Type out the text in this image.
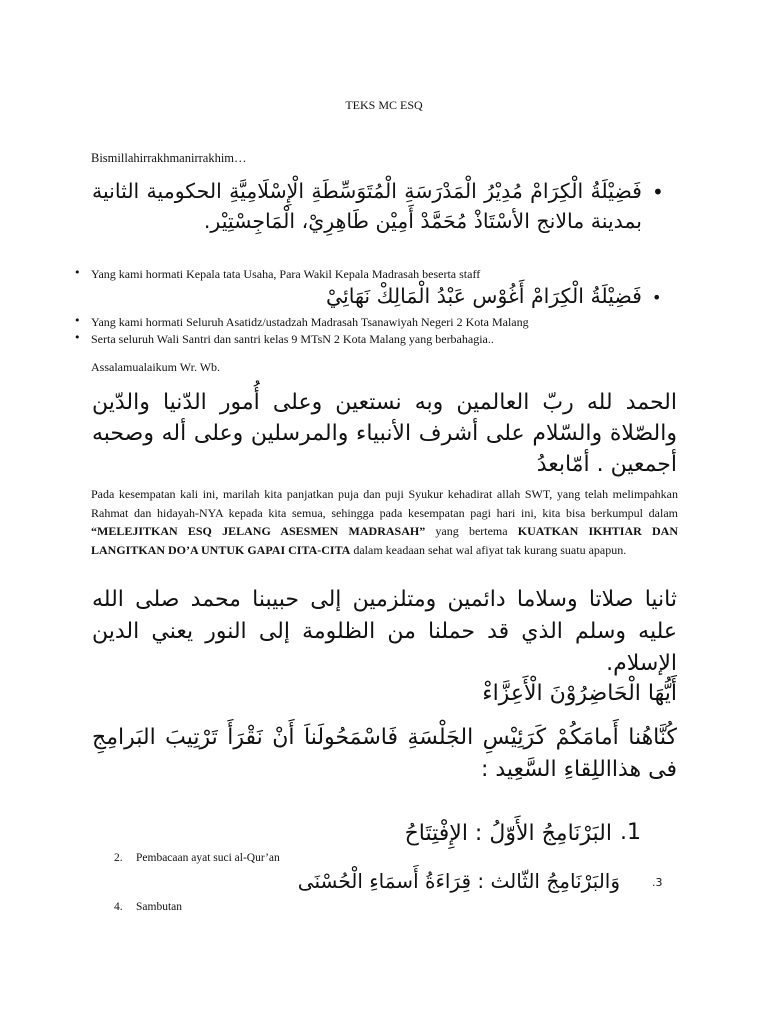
TEKS MC ESQ
Bismillahirrakhmanirrakhim…
•
فَضِيْلَةُ الْكِرَامْ مُدِيْرُ الْمَدْرَسَةِ الْمُتَوَسِّطَةِ الْإِسْلَامِيَّةِ الحكومية الثانية بمدينة مالانج الأسْتَاذْ مُحَمَّدْ أَمِيْن طَاهِرِيْ، الْمَاجِسْتِيْر.
• Yang kami hormati Kepala tata Usaha, Para Wakil Kepala Madrasah beserta staff
•
فَضِيْلَةُ الْكِرَامْ أَغُوْس عَبْدُ الْمَالِكْ نَهَائِيْ
• Yang kami hormati Seluruh Asatidz/ustadzah Madrasah Tsanawiyah Negeri 2 Kota Malang
• Serta seluruh Wali Santri dan santri kelas 9 MTsN 2 Kota Malang yang berbahagia..
Assalamualaikum Wr. Wb.
الحمد لله ربّ العالمين وبه نستعين وعلى أُمور الدّنيا والدّين والصّلاة والسّلام على أشرف الأنبياء والمرسلين وعلى أله وصحبه أجمعين . أمّابعدُ
Pada kesempatan kali ini, marilah kita panjatkan puja dan puji Syukur kehadirat allah SWT, yang telah melimpahkan Rahmat dan hidayah-NYA kepada kita semua, sehingga pada kesempatan pagi hari ini, kita bisa berkumpul dalam “MELEJITKAN ESQ JELANG ASESMEN MADRASAH” yang bertema KUATKAN IKHTIAR DAN LANGITKAN DO’A UNTUK GAPAI CITA-CITA dalam keadaan sehat wal afiyat tak kurang suatu apapun.
ثانيا صلاتا وسلاما دائمين ومتلزمين إلى حبيبنا محمد صلى الله عليه وسلم الذي قد حملنا من الظلومة إلى النور يعني الدين الإسلام.
أَيُّهَا الْحَاضِرُوْنَ الْأَعِزَّاءْ
كُنَّاهُنا أَمامَكُمْ كَرَئِيْسِ الجَلْسَةِ فَاسْمَحُولَناَ أَنْ نَقْرَأَ تَرْتِيبَ البَرامِجِ فى هذااللِقاءِ السَّعِيد :
البَرْنَامِجُ الأَوّلُ : الإِفْتِتَاحُ .1
2. Pembacaan ayat suci al-Qur’an
وَالبَرْنَامِجُ الثّالث : قِرَاءَةُ أَسمَاءِ الْحُسْنَى	.3
4. Sambutan
